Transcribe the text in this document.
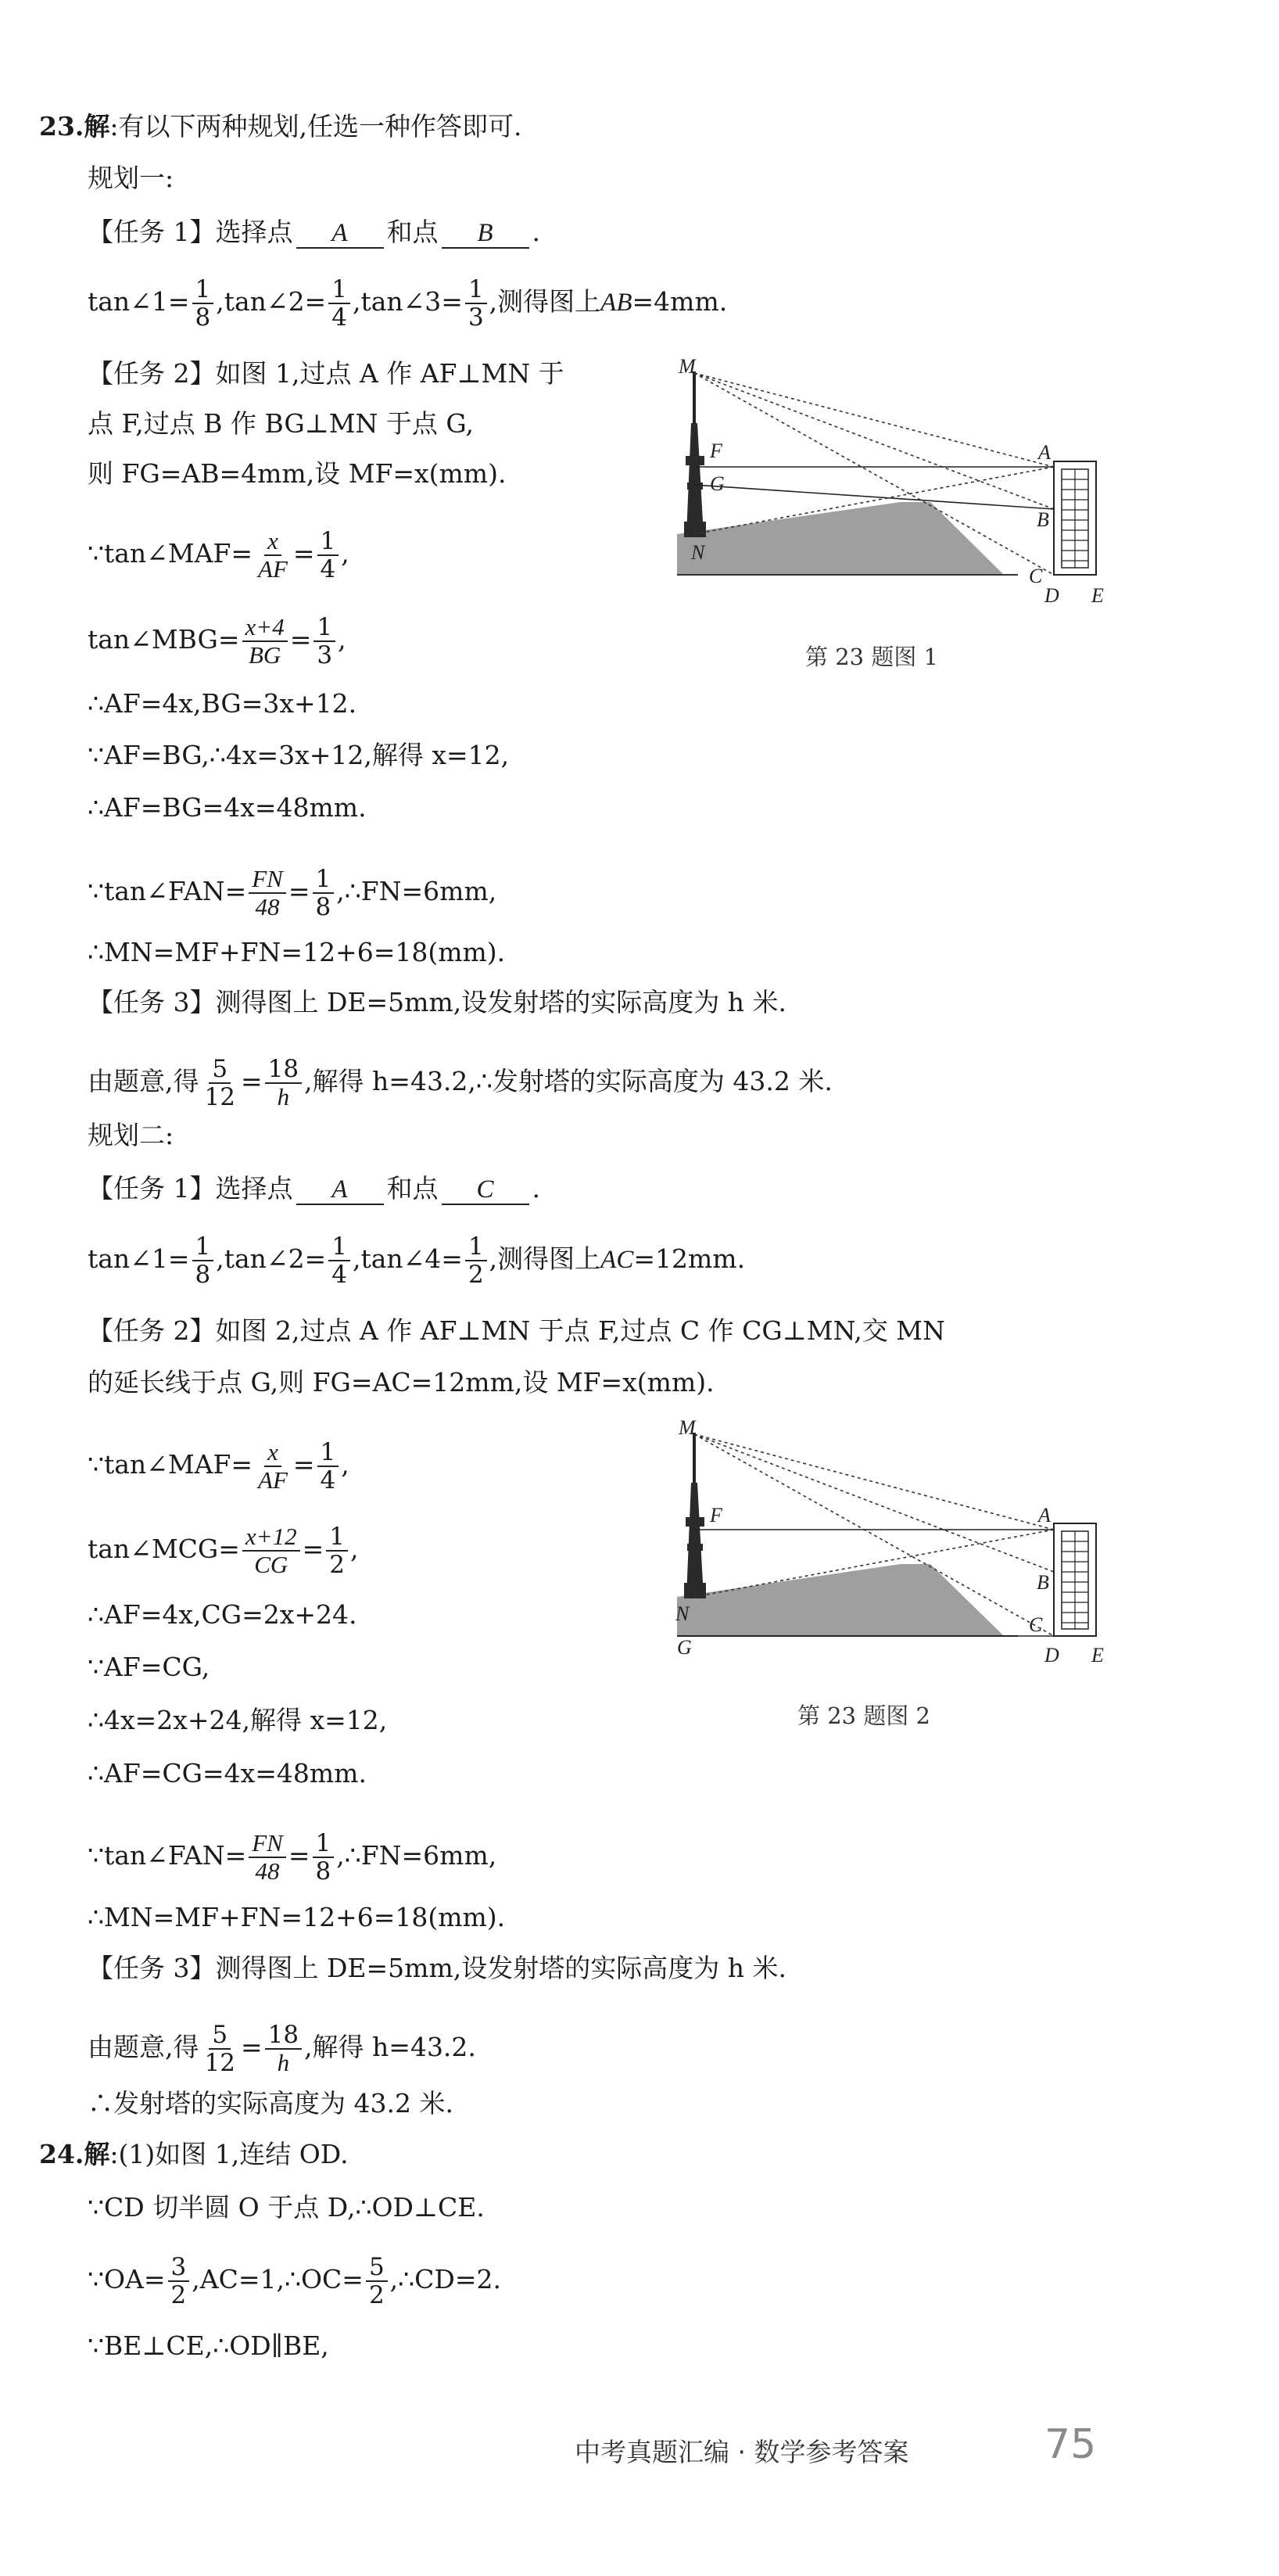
23.解:有以下两种规划,任选一种作答即可.
规划一:
【任务 1】选择点 A 和点 B .
tan∠1= $\frac{1}{8}$ ,tan∠2= $\frac{1}{4}$ ,tan∠3= $\frac{1}{3}$ ,测得图上AB=4mm.
【任务 2】如图 1,过点 A 作 AF⊥MN 于
点 F,过点 B 作 BG⊥MN 于点 G,
则 FG=AB=4mm,设 MF=x(mm).
∵tan∠MAF= $\frac{x}{AF} = \frac{1}{4}$ ,
tan∠MBG= $\frac{x+4}{BG} = \frac{1}{3}$ ,
∴AF=4x,BG=3x+12.
∵AF=BG,∴4x=3x+12,解得 x=12,
∴AF=BG=4x=48mm.
∵tan∠FAN= $\frac{FN}{48} = \frac{1}{8}$ ,∴FN=6mm,
∴MN=MF+FN=12+6=18(mm).
【任务 3】测得图上 DE=5mm,设发射塔的实际高度为 h 米.
由题意,得 $\frac{5}{12} = \frac{18}{h}$ ,解得 h=43.2,∴发射塔的实际高度为 43.2 米.
M
F
G
N
A
B
C
D E
第 23 题图 1
规划二:
【任务 1】选择点 A 和点 C .
tan∠1= $\frac{1}{8}$ ,tan∠2= $\frac{1}{4}$ ,tan∠4= $\frac{1}{2}$ ,测得图上AC=12mm.
【任务 2】如图 2,过点 A 作 AF⊥MN 于点 F,过点 C 作 CG⊥MN,交 MN
的延长线于点 G,则 FG=AC=12mm,设 MF=x(mm).
∵tan∠MAF= $\frac{x}{AF} = \frac{1}{4}$ ,
tan∠MCG= $\frac{x+12}{CG} = \frac{1}{2}$ ,
∴AF=4x,CG=2x+24.
∵AF=CG,
∴4x=2x+24,解得 x=12,
∴AF=CG=4x=48mm.
∵tan∠FAN= $\frac{FN}{48} = \frac{1}{8}$ ,∴FN=6mm,
∴MN=MF+FN=12+6=18(mm).
【任务 3】测得图上 DE=5mm,设发射塔的实际高度为 h 米.
由题意,得 $\frac{5}{12} = \frac{18}{h}$ ,解得 h=43.2.
∴发射塔的实际高度为 43.2 米.
M
F
N
G
A
B
C
D E
第 23 题图 2
24.解:(1)如图 1,连结 OD.
∵CD 切半圆 O 于点 D,∴OD⊥CE.
∵OA= $\frac{3}{2}$ ,AC=1,∴OC= $\frac{5}{2}$ ,∴CD=2.
∵BE⊥CE,∴OD∥BE,
中考真题汇编 · 数学参考答案	75
